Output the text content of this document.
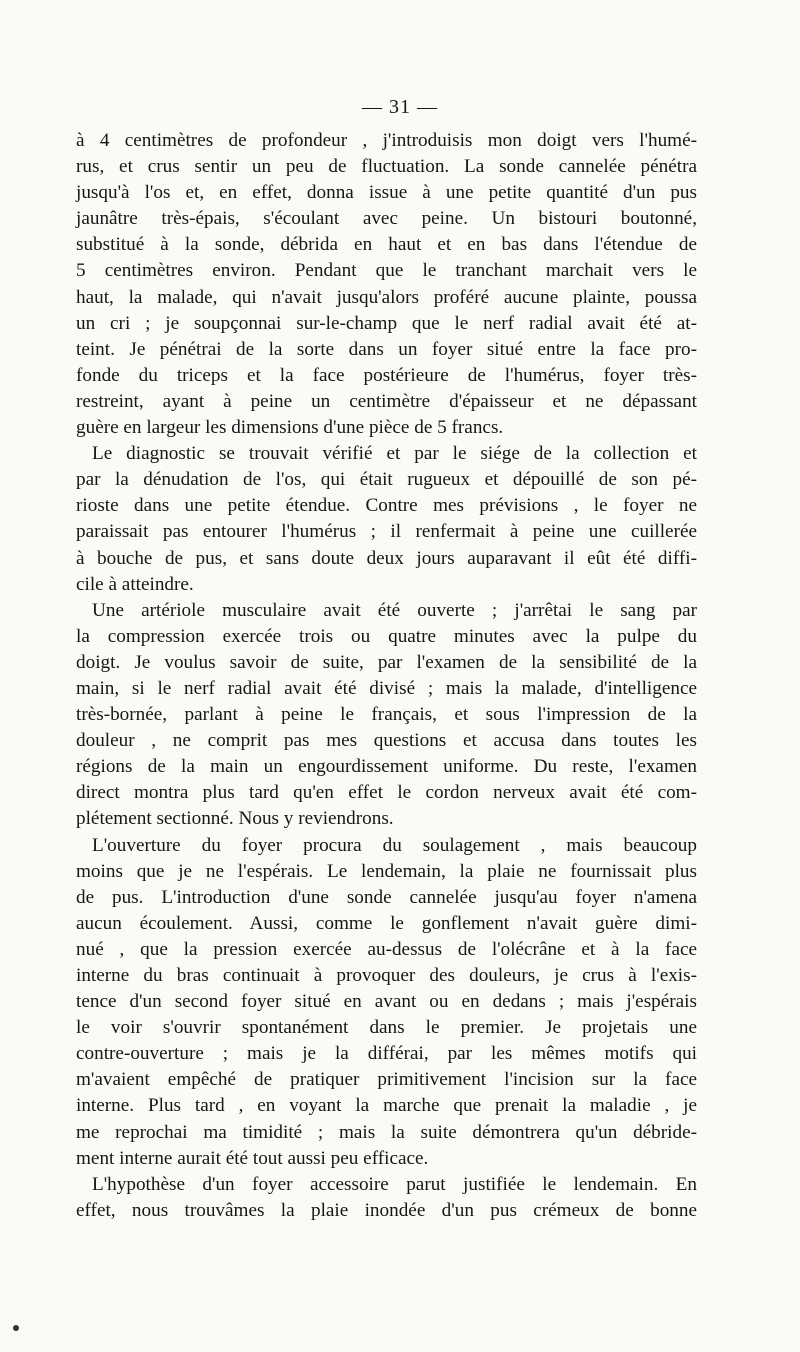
— 31 —

à 4 centimètres de profondeur , j'introduisis mon doigt vers l'humé-

rus, et crus sentir un peu de fluctuation. La sonde cannelée pénétra

jusqu'à l'os et, en effet, donna issue à une petite quantité d'un pus

jaunâtre très-épais, s'écoulant avec peine. Un bistouri boutonné,

substitué à la sonde, débrida en haut et en bas dans l'étendue de

5 centimètres environ. Pendant que le tranchant marchait vers le

haut, la malade, qui n'avait jusqu'alors proféré aucune plainte, poussa

un cri ; je soupçonnai sur-le-champ que le nerf radial avait été at-

teint. Je pénétrai de la sorte dans un foyer situé entre la face pro-

fonde du triceps et la face postérieure de l'humérus, foyer très-

restreint, ayant à peine un centimètre d'épaisseur et ne dépassant

guère en largeur les dimensions d'une pièce de 5 francs.

Le diagnostic se trouvait vérifié et par le siége de la collection et

par la dénudation de l'os, qui était rugueux et dépouillé de son pé-

rioste dans une petite étendue. Contre mes prévisions , le foyer ne

paraissait pas entourer l'humérus ; il renfermait à peine une cuillerée

à bouche de pus, et sans doute deux jours auparavant il eût été diffi-

cile à atteindre.

Une artériole musculaire avait été ouverte ; j'arrêtai le sang par

la compression exercée trois ou quatre minutes avec la pulpe du

doigt. Je voulus savoir de suite, par l'examen de la sensibilité de la

main, si le nerf radial avait été divisé ; mais la malade, d'intelligence

très-bornée, parlant à peine le français, et sous l'impression de la

douleur , ne comprit pas mes questions et accusa dans toutes les

régions de la main un engourdissement uniforme. Du reste, l'examen

direct montra plus tard qu'en effet le cordon nerveux avait été com-

plétement sectionné. Nous y reviendrons.

L'ouverture du foyer procura du soulagement , mais beaucoup

moins que je ne l'espérais. Le lendemain, la plaie ne fournissait plus

de pus. L'introduction d'une sonde cannelée jusqu'au foyer n'amena

aucun écoulement. Aussi, comme le gonflement n'avait guère dimi-

nué , que la pression exercée au-dessus de l'olécrâne et à la face

interne du bras continuait à provoquer des douleurs, je crus à l'exis-

tence d'un second foyer situé en avant ou en dedans ; mais j'espérais

le voir s'ouvrir spontanément dans le premier. Je projetais une

contre-ouverture ; mais je la différai, par les mêmes motifs qui

m'avaient empêché de pratiquer primitivement l'incision sur la face

interne. Plus tard , en voyant la marche que prenait la maladie , je

me reprochai ma timidité ; mais la suite démontrera qu'un débride-

ment interne aurait été tout aussi peu efficace.

L'hypothèse d'un foyer accessoire parut justifiée le lendemain. En

effet, nous trouvâmes la plaie inondée d'un pus crémeux de bonne
